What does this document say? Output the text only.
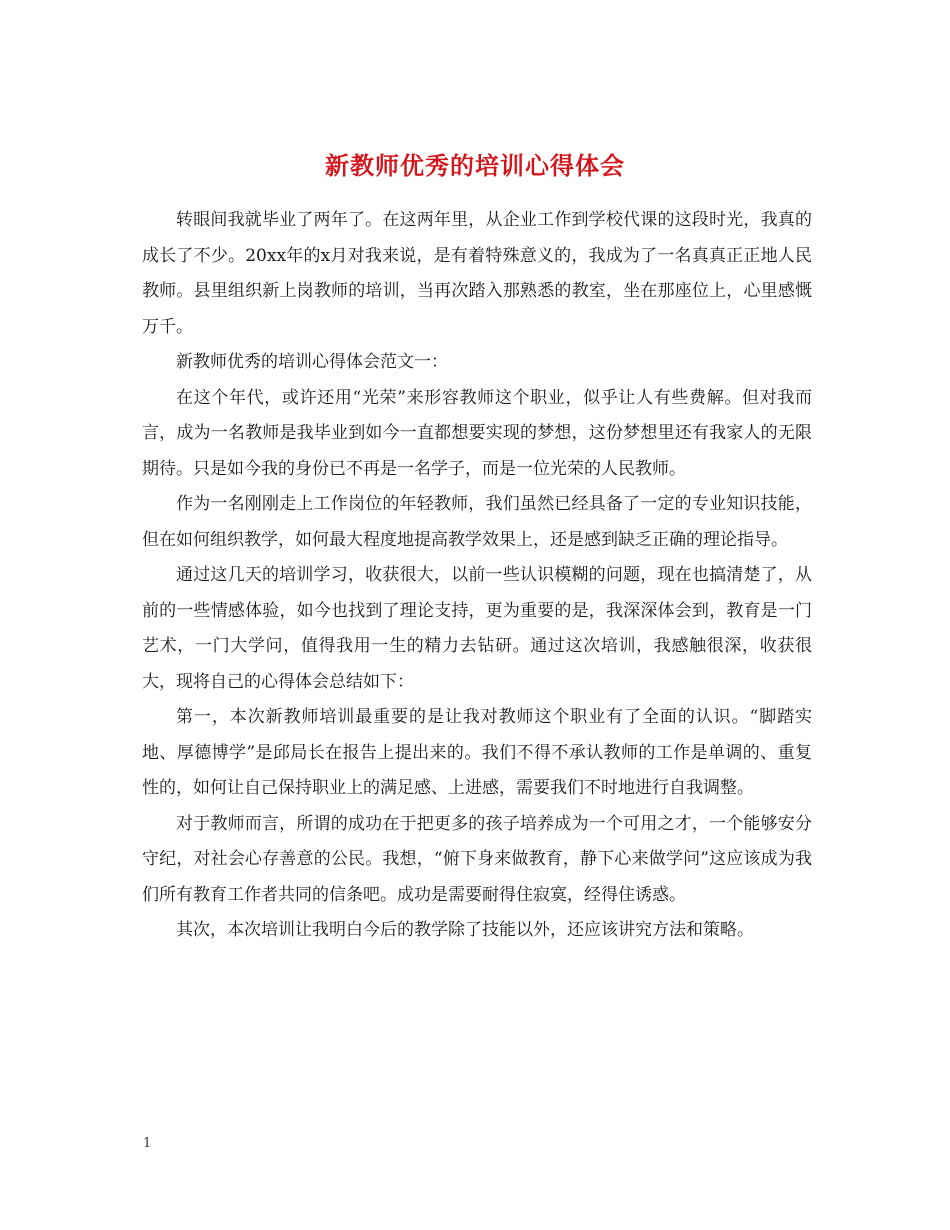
新教师优秀的培训心得体会

转眼间我就毕业了两年了。在这两年里，从企业工作到学校代课的这段时光，我真的成长了不少。20xx年的x月对我来说，是有着特殊意义的，我成为了一名真真正正地人民教师。县里组织新上岗教师的培训，当再次踏入那熟悉的教室，坐在那座位上，心里感慨万千。

新教师优秀的培训心得体会范文一：

在这个年代，或许还用“光荣”来形容教师这个职业，似乎让人有些费解。但对我而言，成为一名教师是我毕业到如今一直都想要实现的梦想，这份梦想里还有我家人的无限期待。只是如今我的身份已不再是一名学子，而是一位光荣的人民教师。

作为一名刚刚走上工作岗位的年轻教师，我们虽然已经具备了一定的专业知识技能，但在如何组织教学，如何最大程度地提高教学效果上，还是感到缺乏正确的理论指导。

通过这几天的培训学习，收获很大，以前一些认识模糊的问题，现在也搞清楚了，从前的一些情感体验，如今也找到了理论支持，更为重要的是，我深深体会到，教育是一门艺术，一门大学问，值得我用一生的精力去钻研。通过这次培训，我感触很深，收获很大，现将自己的心得体会总结如下：

第一，本次新教师培训最重要的是让我对教师这个职业有了全面的认识。“脚踏实地、厚德博学”是邱局长在报告上提出来的。我们不得不承认教师的工作是单调的、重复性的，如何让自己保持职业上的满足感、上进感，需要我们不时地进行自我调整。

对于教师而言，所谓的成功在于把更多的孩子培养成为一个可用之才，一个能够安分守纪，对社会心存善意的公民。我想，“俯下身来做教育，静下心来做学问”这应该成为我们所有教育工作者共同的信条吧。成功是需要耐得住寂寞，经得住诱惑。

其次，本次培训让我明白今后的教学除了技能以外，还应该讲究方法和策略。

1
